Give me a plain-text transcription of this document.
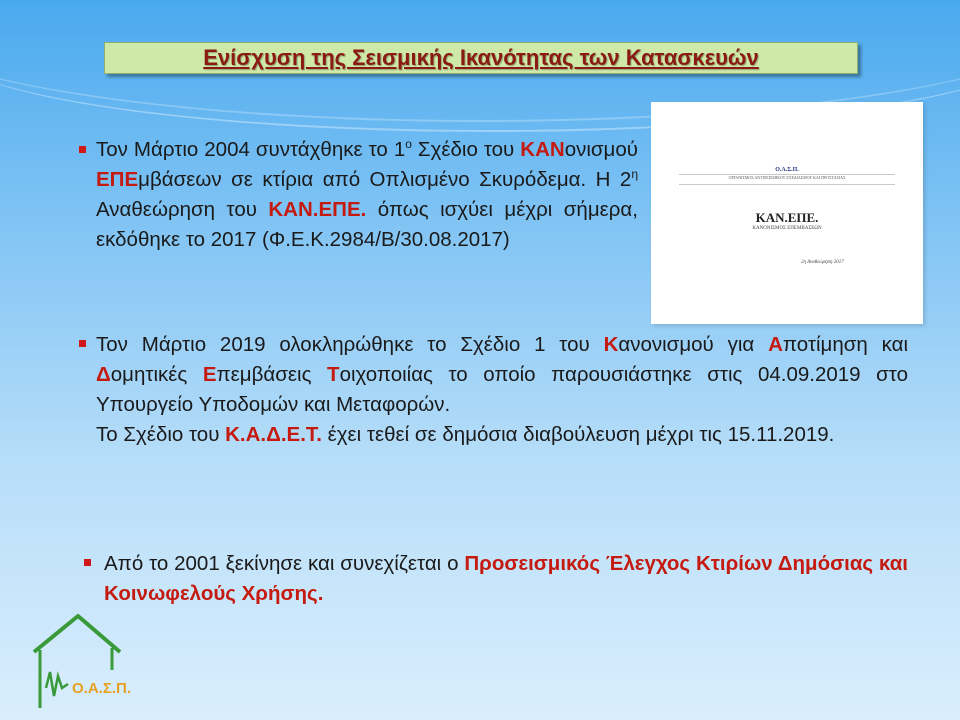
Ενίσχυση της Σεισμικής Ικανότητας των Κατασκευών
Ο.Α.Σ.Π.
ΟΡΓΑΝΙΣΜΟΣ ΑΝΤΙΣΕΙΣΜΙΚΟΥ ΣΧΕΔΙΑΣΜΟΥ ΚΑΙ ΠΡΟΣΤΑΣΙΑΣ
ΚΑΝ.ΕΠΕ.
ΚΑΝΟΝΙΣΜΟΣ ΕΠΕΜΒΑΣΕΩΝ
2η Αναθεώρηση 2017
Τον Μάρτιο 2004 συντάχθηκε το $1^o$ Σχέδιο του ΚΑΝονισμού ΕΠΕμβάσεων σε κτίρια από Οπλισμένο Σκυρόδεμα. Η $2^\eta$ Αναθεώρηση του ΚΑΝ.ΕΠΕ. όπως ισχύει μέχρι σήμερα, εκδόθηκε το 2017 (Φ.Ε.Κ.2984/Β/30.08.2017)
Τον Μάρτιο 2019 ολοκληρώθηκε το Σχέδιο 1 του Κανονισμού για Αποτίμηση και Δομητικές Επεμβάσεις Τοιχοποιίας το οποίο παρουσιάστηκε στις 04.09.2019 στο Υπουργείο Υποδομών και Μεταφορών.
Το Σχέδιο του Κ.Α.Δ.Ε.Τ. έχει τεθεί σε δημόσια διαβούλευση μέχρι τις 15.11.2019.
Από το 2001 ξεκίνησε και συνεχίζεται ο Προσεισμικός Έλεγχος Κτιρίων Δημόσιας και Κοινωφελούς Χρήσης.
Ο.Α.Σ.Π.
